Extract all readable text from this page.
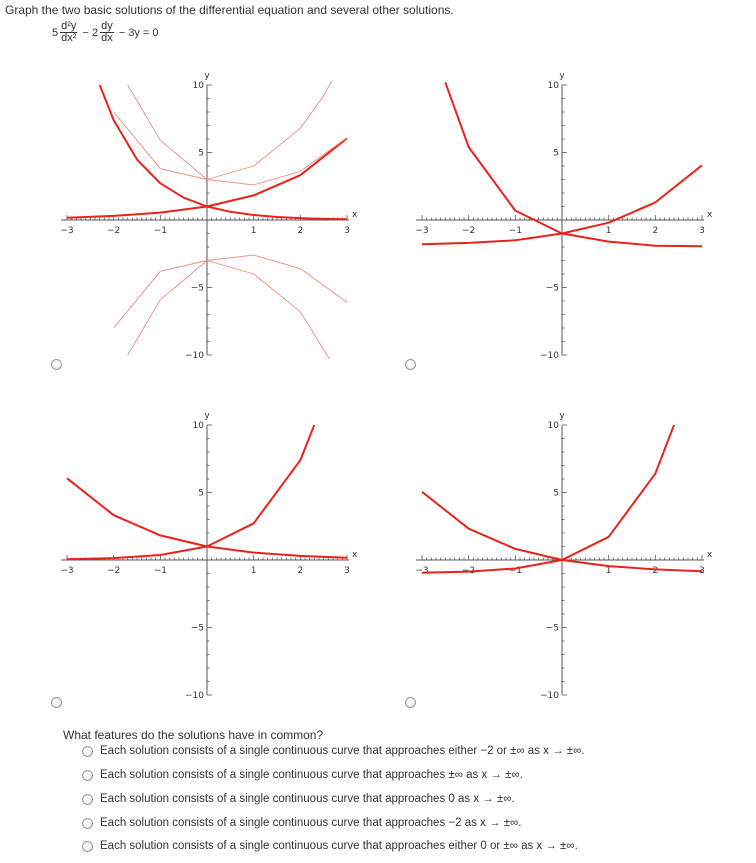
Graph the two basic solutions of the differential equation and several other solutions.
$5 \frac{\text{d²y}}{\text{dx²}} - 2 \frac{dy}{dx} - 3y = 0$
−3	−2	−1	1	2	3
10
5
−5
−10
x
y
−3	−2	−1	1	2	3
10
5
−5
−10
x
y
−3	−2	−1	1	2	3
10
5
−5
−10
x
y
−3	−2	−1	1	2	3
10
5
−5
−10
x
y
What features do the solutions have in common?
Each solution consists of a single continuous curve that approaches either −2 or ±∞ as x → ±∞.
Each solution consists of a single continuous curve that approaches ±∞ as x → ±∞.
Each solution consists of a single continuous curve that approaches 0 as x → ±∞.
Each solution consists of a single continuous curve that approaches −2 as x → ±∞.
Each solution consists of a single continuous curve that approaches either 0 or ±∞ as x → ±∞.
